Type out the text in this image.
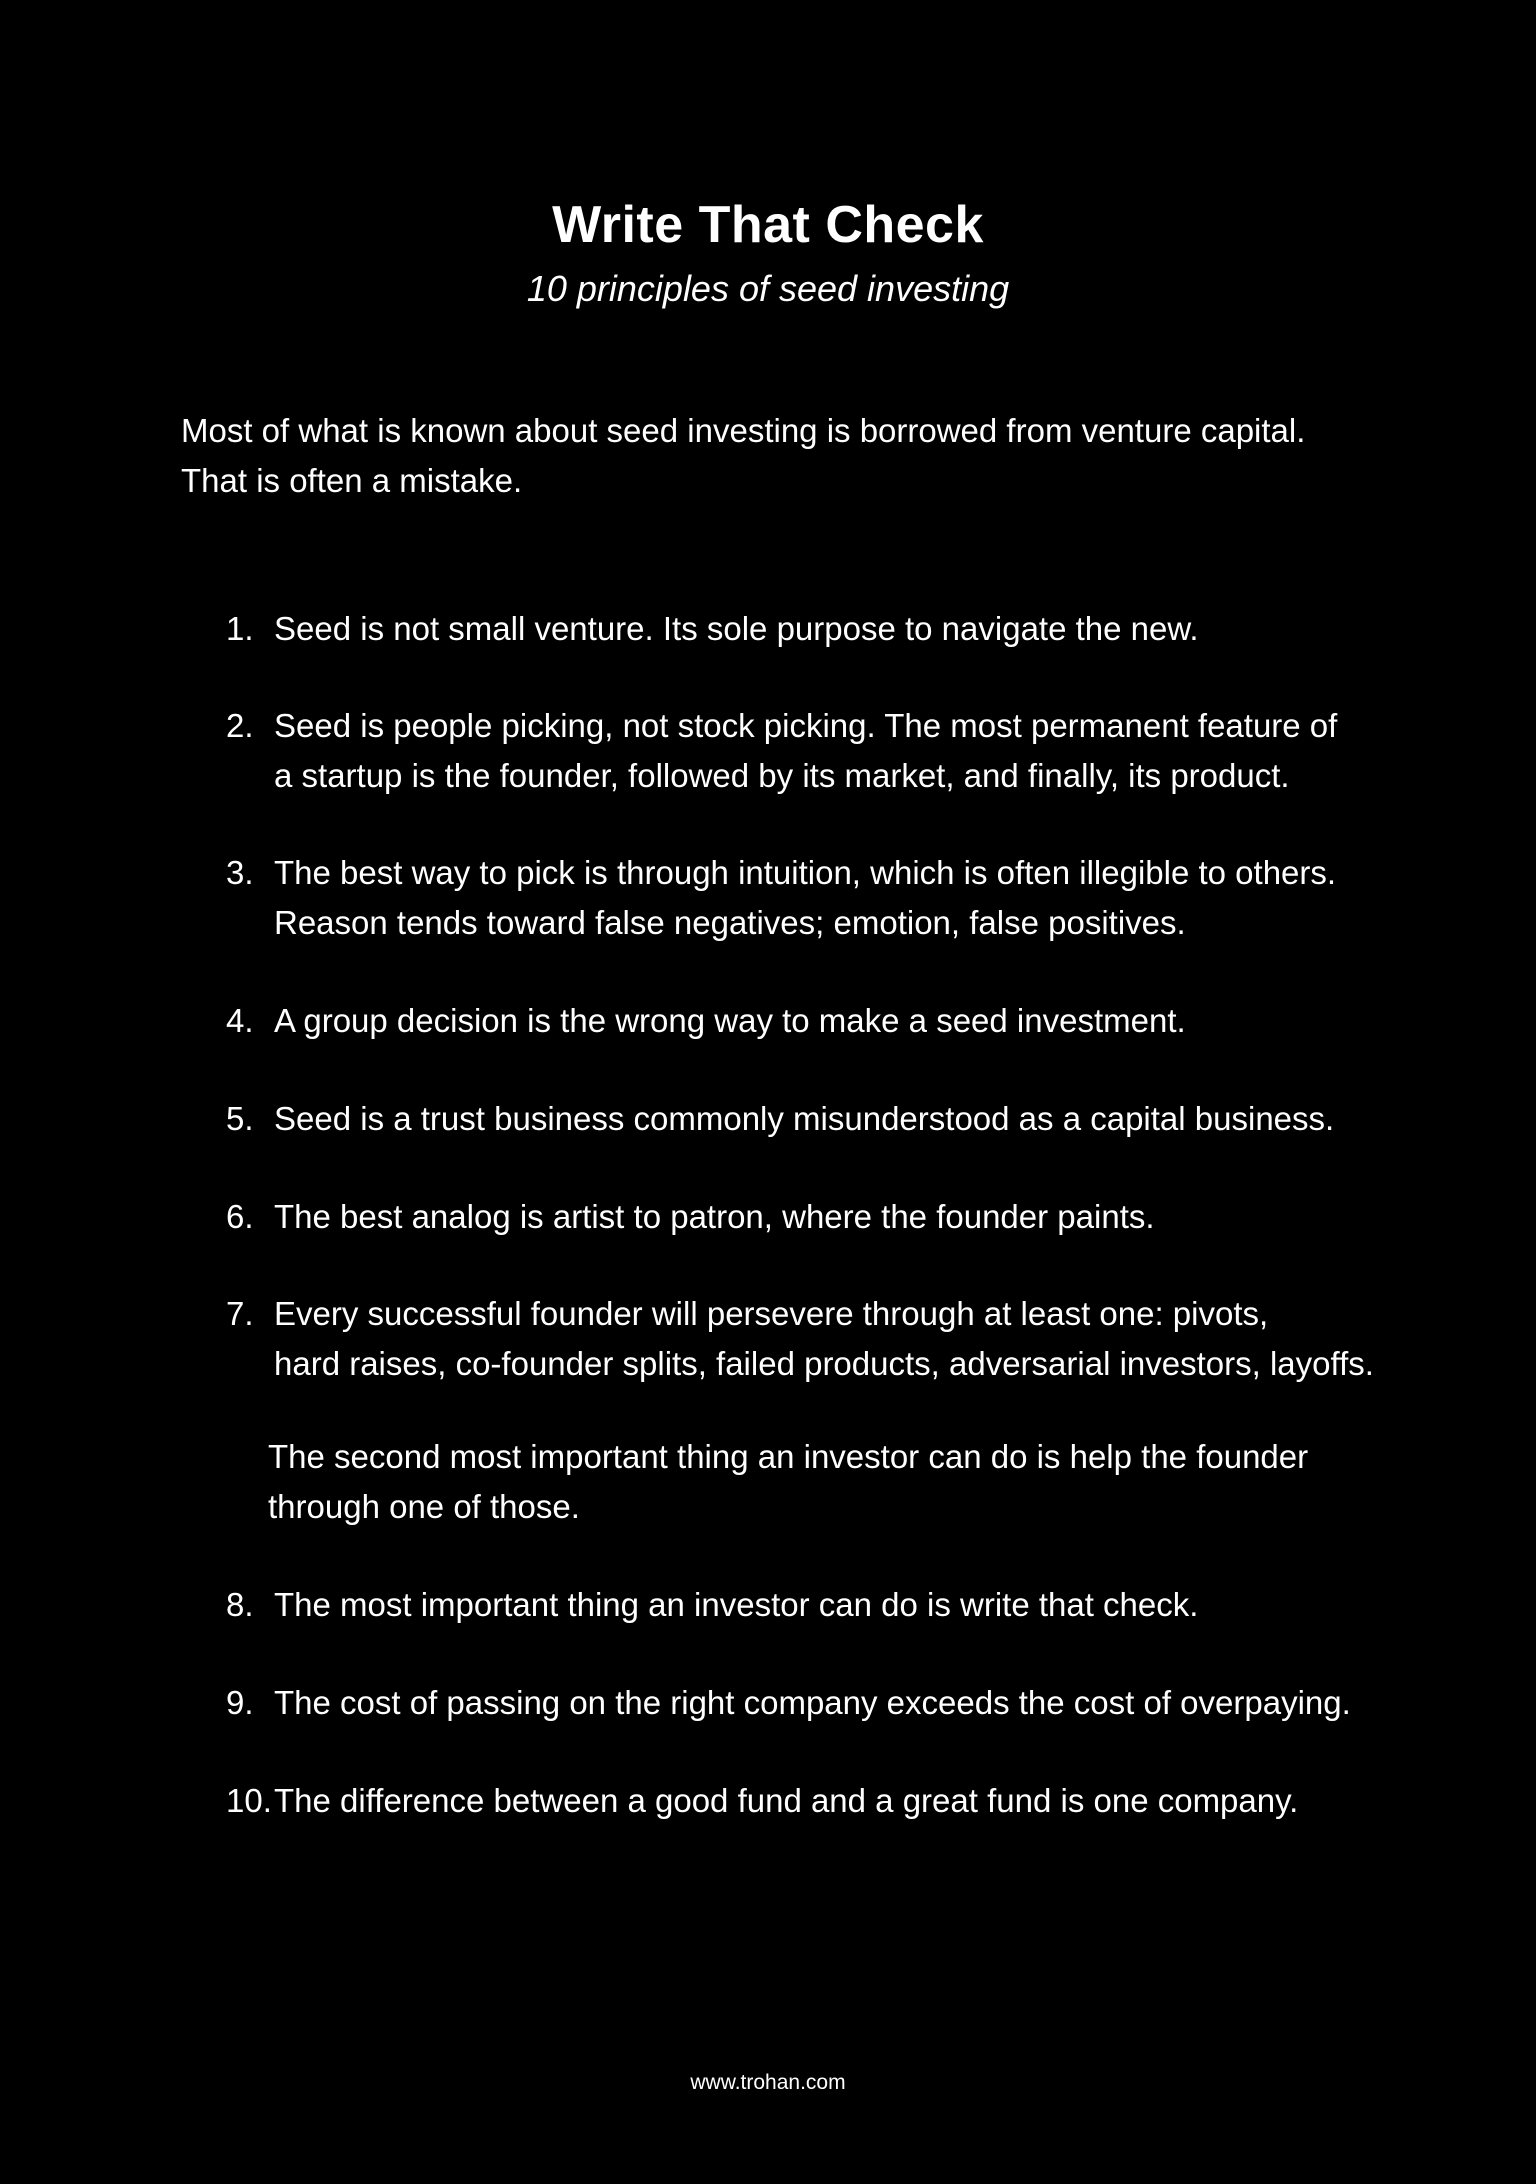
Write That Check

10 principles of seed investing

Most of what is known about seed investing is borrowed from venture capital.
That is often a mistake.

1. Seed is not small venture. Its sole purpose to navigate the new.
2. Seed is people picking, not stock picking. The most permanent feature of
a startup is the founder, followed by its market, and finally, its product.
3. The best way to pick is through intuition, which is often illegible to others.
Reason tends toward false negatives; emotion, false positives.
4. A group decision is the wrong way to make a seed investment.
5. Seed is a trust business commonly misunderstood as a capital business.
6. The best analog is artist to patron, where the founder paints.
7. Every successful founder will persevere through at least one: pivots,
hard raises, co-founder splits, failed products, adversarial investors, layoffs.
The second most important thing an investor can do is help the founder
through one of those.
8. The most important thing an investor can do is write that check.
9. The cost of passing on the right company exceeds the cost of overpaying.
10. The difference between a good fund and a great fund is one company.
www.trohan.com
